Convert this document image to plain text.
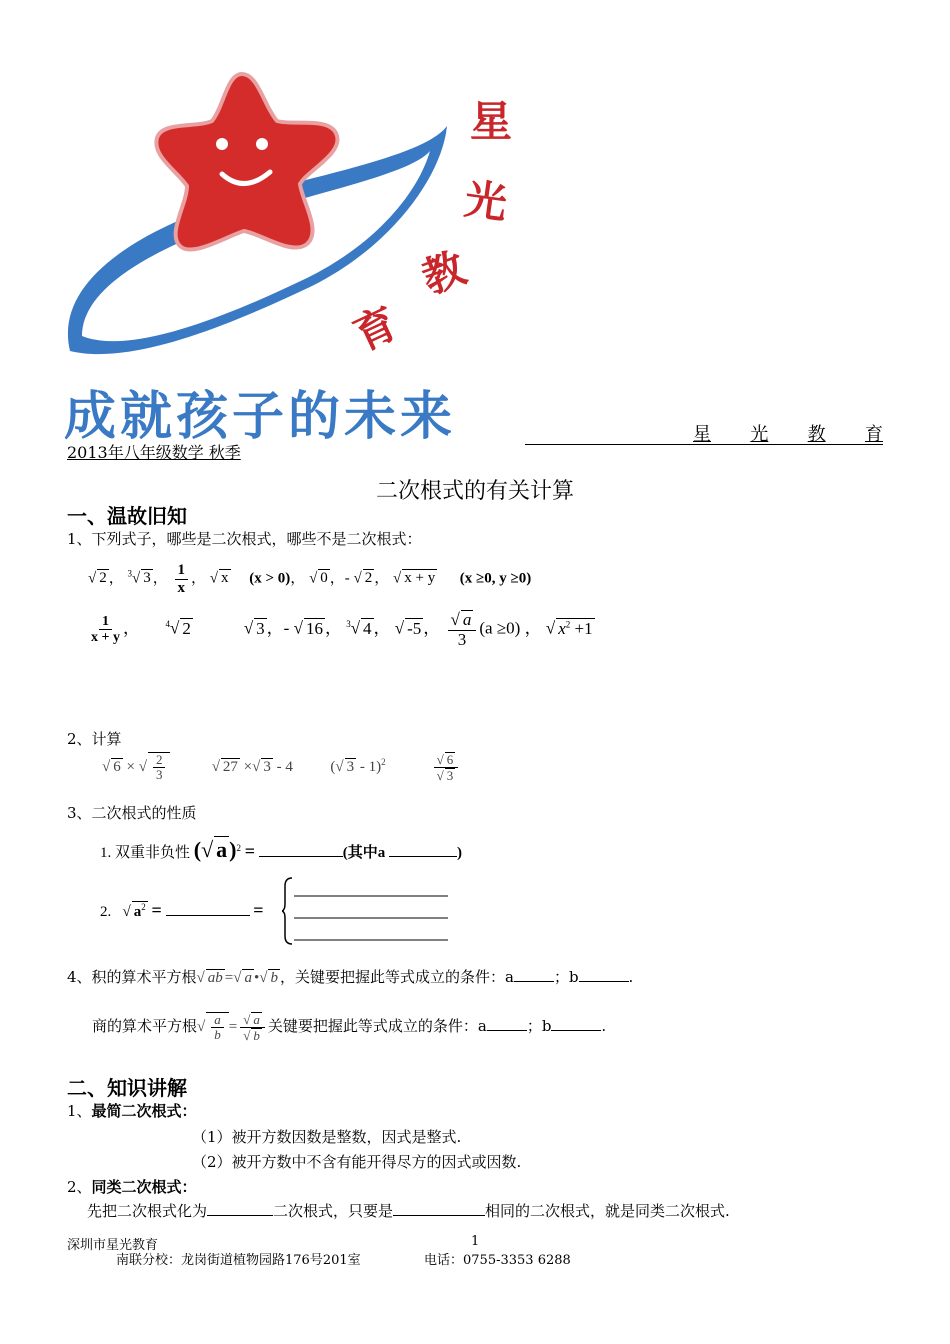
星
光
教
育
成就孩子的未来	星 光 教 育
2013年八年级数学 秋季
二次根式的有关计算
一、温故旧知
1、下列式子，哪些是二次根式，哪些不是二次根式：
√ 2 ， $^3$√ 3 ， $\frac{1}{x}$ ， √ x (x > 0)， √ 0 ，- √ 2 ， √ x + y (x ≥0, y ≥0)
$\frac{1}{x + y}$ ，	$^4$√ 2            √ 3 ，- √ 16 ， $^3$√ 4 ， √ -5 ， $\frac{√ a}{3} (a \ge 0)$ ， √ $x^2 +1$
2、计算
√ 6 × √ $\frac{2}{3}$ √ 27 ×√ 3 - 4	(√ 3 - 1)$^2$	$\frac{√ 6}{√ 3}$
3、二次根式的性质
1. 双重非负性 (√ a)$^2$ =	(其中a	)
2.   √ $a^2$ =	=
4、积的算术平方根√ ab =√ a •√ b ，关键要把握此等式成立的条件：a	；b	.
商的算术平方根√ $\frac{a}{b} = \frac{√ a}{√ b}$ 关键要把握此等式成立的条件：a	；b	.
二、知识讲解
1、最简二次根式：
（1）被开方数因数是整数，因式是整式.
（2）被开方数中不含有能开得尽方的因式或因数.
2、同类二次根式：
先把二次根式化为	二次根式，只要是	相同的二次根式，就是同类二次根式.
深圳市星光教育	1
南联分校：龙岗街道植物园路176号201室	电话：0755-3353 6288
